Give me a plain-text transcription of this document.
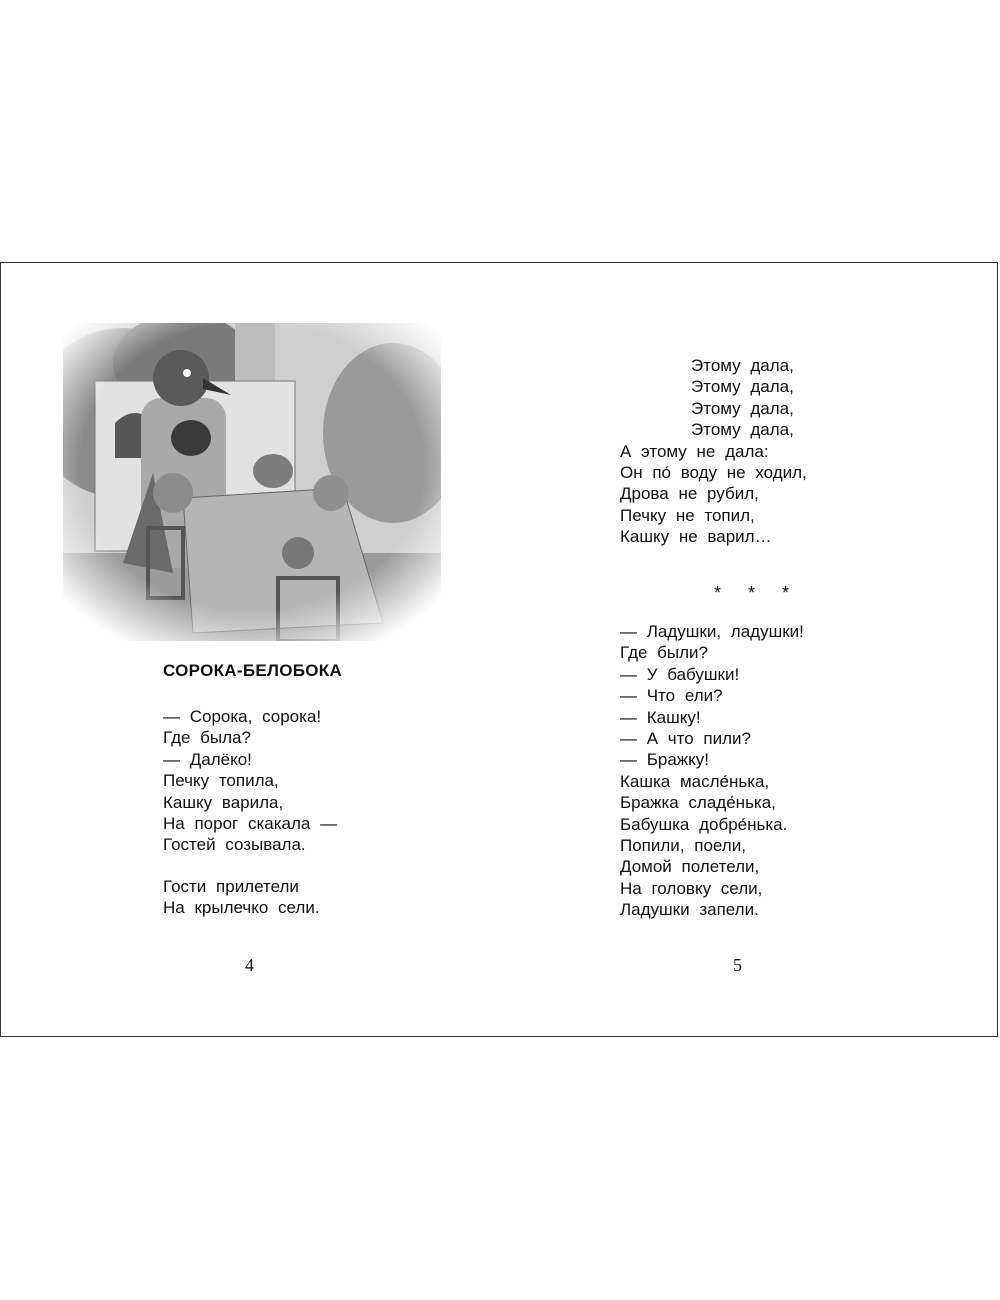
СОРОКА-БЕЛОБОКА
— Сорока, сорока!
Где была?
— Далёко!
Печку топила,
Кашку варила,
На порог скакала —
Гостей созывала.
Гости прилетели
На крылечко сели.
4
Этому дала,
Этому дала,
Этому дала,
Этому дала,
А этому не дала:
Он по́ воду не ходил,
Дрова не рубил,
Печку не топил,
Кашку не варил…
* * *
— Ладушки, ладушки!
Где были?
— У бабушки!
— Что ели?
— Кашку!
— А что пили?
— Бражку!
Кашка масле́нька,
Бражка сладе́нька,
Бабушка добре́нька.
Попили, поели,
Домой полетели,
На головку сели,
Ладушки запели.
5
